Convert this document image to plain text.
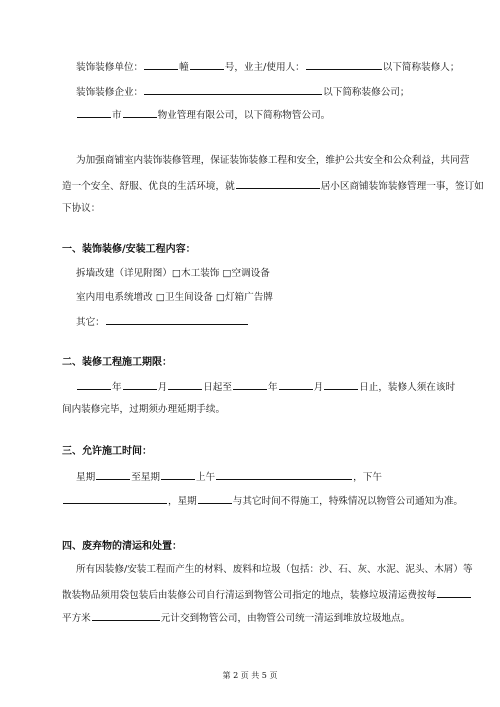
装饰装修单位：	幢	号，业主/使用人：	以下简称装修人；
装饰装修企业：	以下简称装修公司；
市	物业管理有限公司，以下简称物管公司。
为加强商铺室内装饰装修管理，保证装饰装修工程和安全，维护公共安全和公众利益，共同营
造一个安全、舒服、优良的生活环境，就	居小区商铺装饰装修管理一事，签订如
下协议：
一、装饰装修/安装工程内容：
拆墙改建（详见附图）□木工装饰 □空调设备
室内用电系统增改 □卫生间设备 □灯箱广告牌
其它：
二、装修工程施工期限：
年	月	日起至	年	月	日止，装修人须在该时
间内装修完毕，过期须办理延期手续。
三、允许施工时间：
星期	至星期	上午	，下午
，星期	与其它时间不得施工，特殊情况以物管公司通知为准。
四、废弃物的清运和处置：
所有因装修/安装工程而产生的材料、废料和垃圾（包括：沙、石、灰、水泥、泥头、木屑）等
散装物品须用袋包装后由装修公司自行清运到物管公司指定的地点，装修垃圾清运费按每
平方米	元计交到物管公司，由物管公司统一清运到堆放垃圾地点。
第 2 页 共 5 页
